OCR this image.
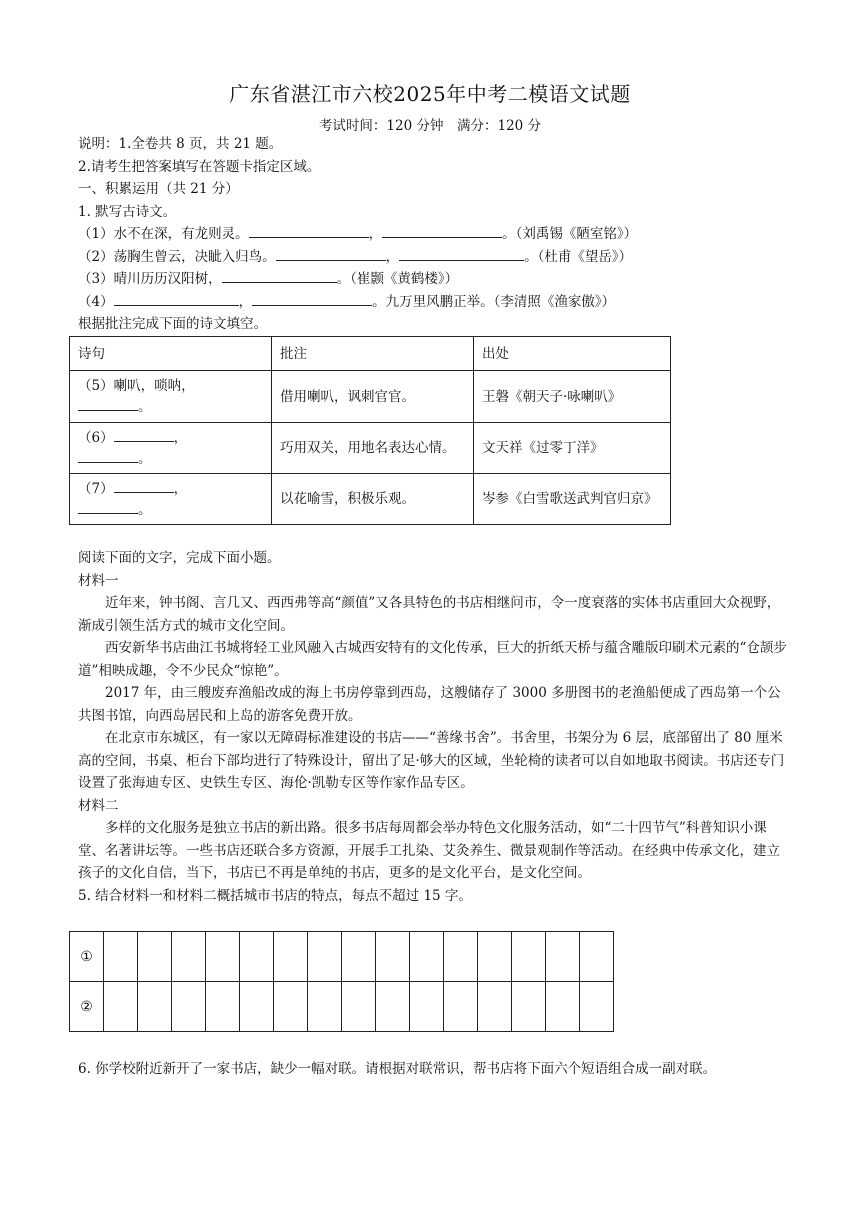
广东省湛江市六校2025年中考二模语文试题
考试时间：120 分钟　满分：120 分
说明：1.全卷共 8 页，共 21 题。
2.请考生把答案填写在答题卡指定区域。
一、积累运用（共 21 分）
1. 默写古诗文。
（1）水不在深，有龙则灵。	，	。（刘禹锡《陋室铭》）
（2）荡胸生曾云，决眦入归鸟。	，	。（杜甫《望岳》）
（3）晴川历历汉阳树，	。（崔颢《黄鹤楼》）
（4）	，	。九万里风鹏正举。（李清照《渔家傲》）
根据批注完成下面的诗文填空。
诗句	批注	出处
（5）喇叭，唢呐，
。	借用喇叭，讽刺官官。	王磐《朝天子·咏喇叭》
（6） ，
。	巧用双关，用地名表达心情。	文天祥《过零丁洋》
（7） ，
。	以花喻雪，积极乐观。	岑参《白雪歌送武判官归京》
阅读下面的文字，完成下面小题。
材料一
近年来，钟书阁、言几又、西西弗等高“颜值”又各具特色的书店相继问市，令一度衰落的实体书店重回大众视野，渐成引领生活方式的城市文化空间。
西安新华书店曲江书城将轻工业风融入古城西安特有的文化传承，巨大的折纸天桥与蕴含雕版印刷术元素的“仓颉步道”相映成趣，令不少民众“惊艳”。
2017 年，由三艘废弃渔船改成的海上书房停靠到西岛，这艘储存了 3000 多册图书的老渔船便成了西岛第一个公共图书馆，向西岛居民和上岛的游客免费开放。
在北京市东城区，有一家以无障碍标准建设的书店——“善缘书舍”。书舍里，书架分为 6 层，底部留出了 80 厘米高的空间，书桌、柜台下部均进行了特殊设计，留出了足·够大的区域，坐轮椅的读者可以自如地取书阅读。书店还专门设置了张海迪专区、史铁生专区、海伦·凯勒专区等作家作品专区。
材料二
多样的文化服务是独立书店的新出路。很多书店每周都会举办特色文化服务活动，如“二十四节气”科普知识小课堂、名著讲坛等。一些书店还联合多方资源，开展手工扎染、艾灸养生、微景观制作等活动。在经典中传承文化，建立孩子的文化自信，当下，书店已不再是单纯的书店，更多的是文化平台，是文化空间。
5. 结合材料一和材料二概括城市书店的特点，每点不超过 15 字。
①															
②															
6. 你学校附近新开了一家书店，缺少一幅对联。请根据对联常识，帮书店将下面六个短语组合成一副对联。
